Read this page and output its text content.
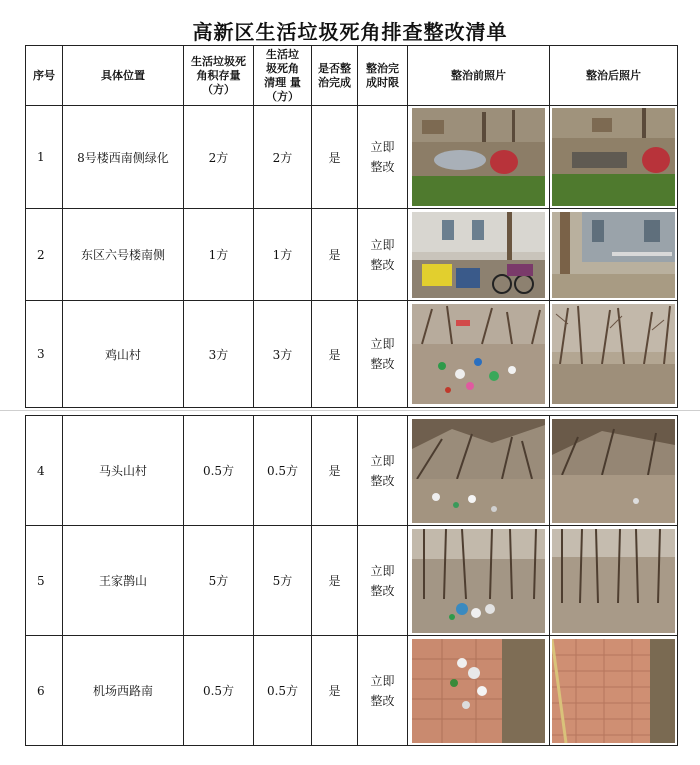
高新区生活垃圾死角排查整改清单
序号	具体位置	生活垃圾死
角积存量
（方）	生活垃
圾死角
清理 量
（方）	是否整
治完成	整治完
成时限	整治前照片	整治后照片
1	8号楼西南侧绿化	2方	2方	是	立即
整改	

2	东区六号楼南侧	1方	1方	是	立即
整改	

3	鸡山村	3方	3方	是	立即
整改	

4	马头山村	0.5方	0.5方	是	立即
整改	

5	王家鹊山	5方	5方	是	立即
整改	

6	机场西路南	0.5方	0.5方	是	立即
整改	
